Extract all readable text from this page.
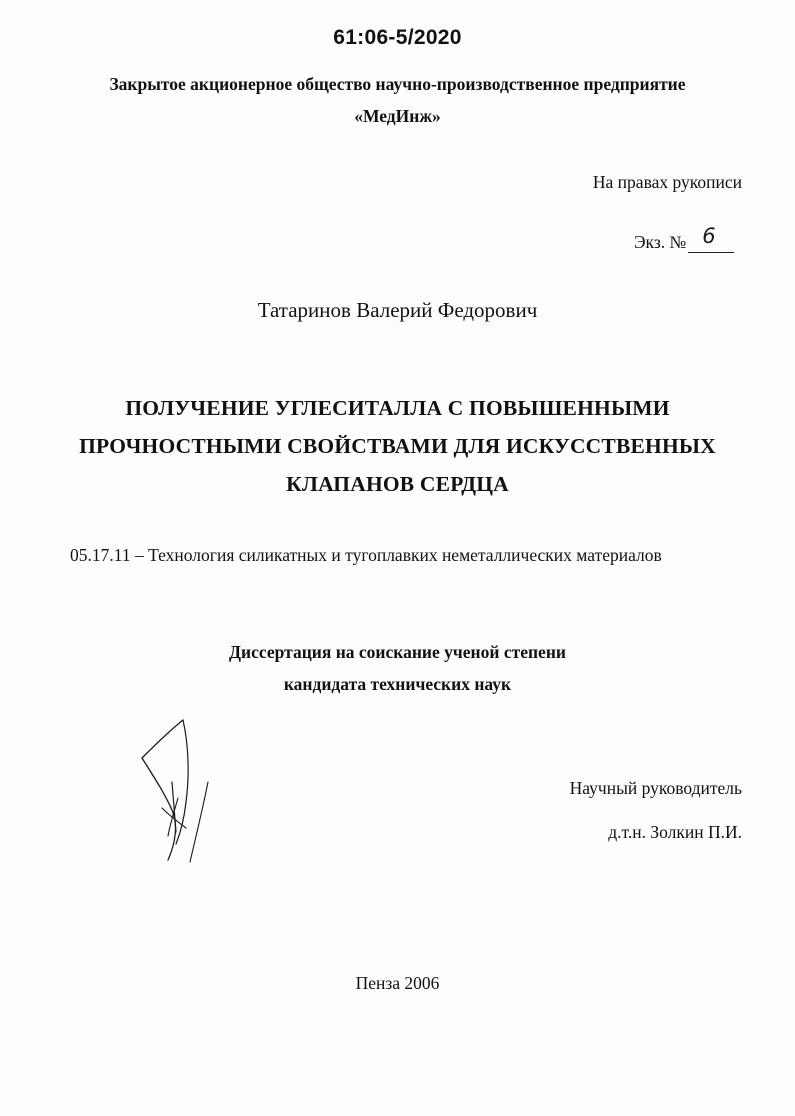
61:06-5/2020
Закрытое акционерное общество научно-производственное предприятие
«МедИнж»
На правах рукописи
Экз. № 6
Татаринов Валерий Федорович
ПОЛУЧЕНИЕ УГЛЕСИТАЛЛА С ПОВЫШЕННЫМИ
ПРОЧНОСТНЫМИ СВОЙСТВАМИ ДЛЯ ИСКУССТВЕННЫХ
КЛАПАНОВ СЕРДЦА
05.17.11 – Технология силикатных и тугоплавких неметаллических материалов
Диссертация на соискание ученой степени
кандидата технических наук
Научный руководитель
д.т.н. Золкин П.И.
Пенза 2006
